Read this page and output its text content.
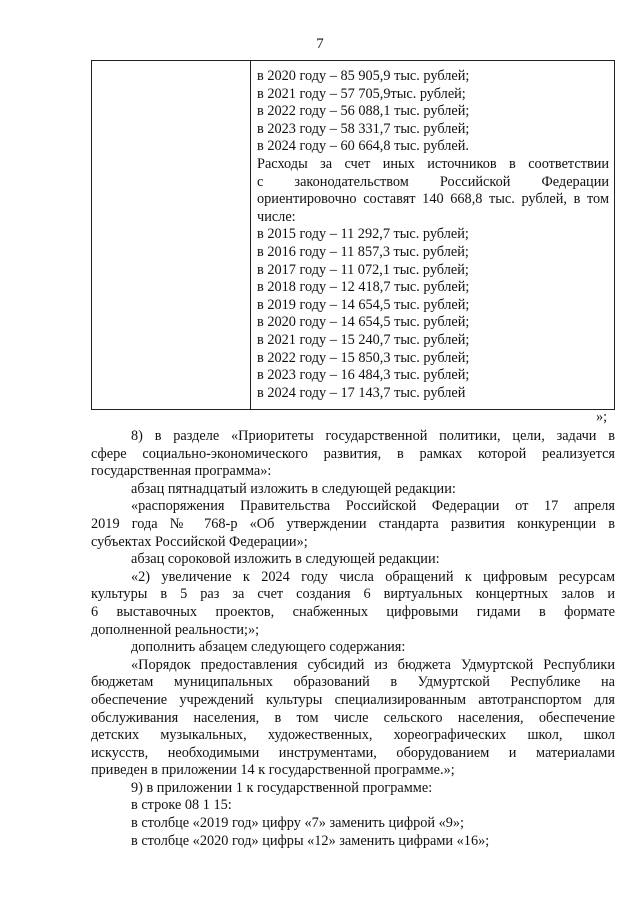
7
в 2020 году – 85 905,9 тыс. рублей;
в 2021 году – 57 705,9тыс. рублей;
в 2022 году – 56 088,1 тыс. рублей;
в 2023 году – 58 331,7 тыс. рублей;
в 2024 году – 60 664,8 тыс. рублей.
Расходы за счет иных источников в соответствии
с законодательством Российской Федерации
ориентировочно составят 140 668,8 тыс. рублей, в том
числе:
в 2015 году – 11 292,7 тыс. рублей;
в 2016 году – 11 857,3 тыс. рублей;
в 2017 году – 11 072,1 тыс. рублей;
в 2018 году – 12 418,7 тыс. рублей;
в 2019 году – 14 654,5 тыс. рублей;
в 2020 году – 14 654,5 тыс. рублей;
в 2021 году – 15 240,7 тыс. рублей;
в 2022 году – 15 850,3 тыс. рублей;
в 2023 году – 16 484,3 тыс. рублей;
в 2024 году – 17 143,7 тыс. рублей
»;

8) в разделе «Приоритеты государственной политики, цели, задачи в
сфере социально-экономического развития, в рамках которой реализуется
государственная программа»:

абзац пятнадцатый изложить в следующей редакции:

«распоряжения Правительства Российской Федерации от 17 апреля
2019 года № 768-р «Об утверждении стандарта развития конкуренции в
субъектах Российской Федерации»;

абзац сороковой изложить в следующей редакции:

«2) увеличение к 2024 году числа обращений к цифровым ресурсам
культуры в 5 раз за счет создания 6 виртуальных концертных залов и
6 выставочных проектов, снабженных цифровыми гидами в формате
дополненной реальности;»;

дополнить абзацем следующего содержания:

«Порядок предоставления субсидий из бюджета Удмуртской Республики
бюджетам муниципальных образований в Удмуртской Республике на
обеспечение учреждений культуры специализированным автотранспортом для
обслуживания населения, в том числе сельского населения, обеспечение
детских музыкальных, художественных, хореографических школ, школ
искусств, необходимыми инструментами, оборудованием и материалами
приведен в приложении 14 к государственной программе.»;

9) в приложении 1 к государственной программе:

в строке 08 1 15:

в столбце «2019 год» цифру «7» заменить цифрой «9»;

в столбце «2020 год» цифры «12» заменить цифрами «16»;
